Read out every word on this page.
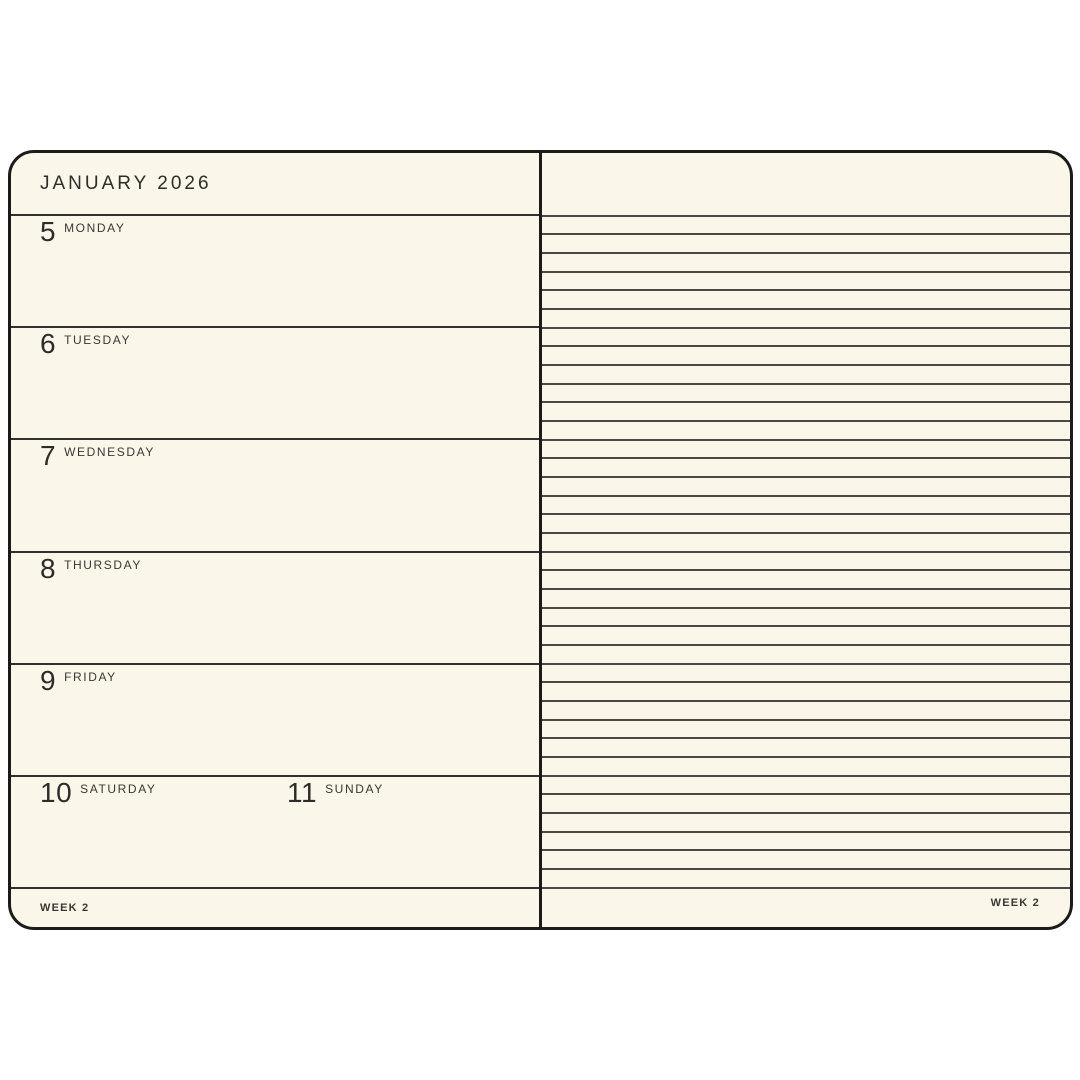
JANUARY 2026
5 MONDAY
6 TUESDAY
7 WEDNESDAY
8 THURSDAY
9 FRIDAY
10 SATURDAY	11 SUNDAY
WEEK 2	WEEK 2
